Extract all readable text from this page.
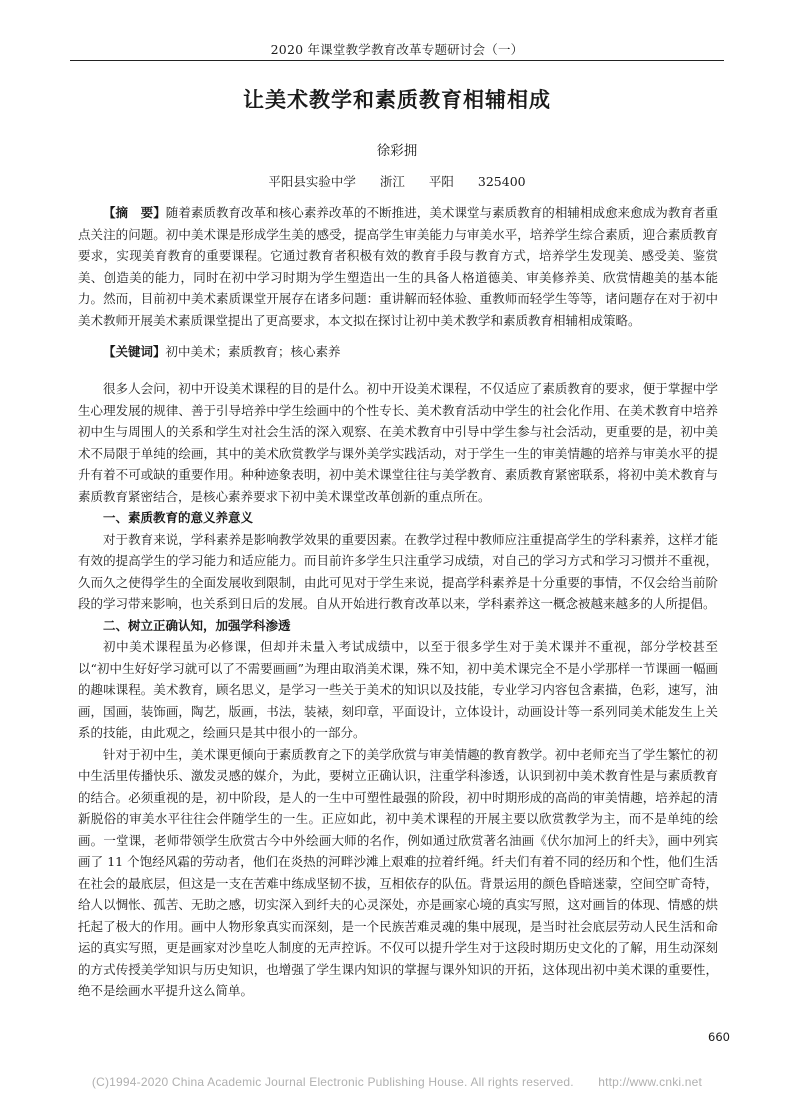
2020 年课堂教学教育改革专题研讨会（一）
让美术教学和素质教育相辅相成
徐彩拥
平阳县实验中学 浙江 平阳 325400

【摘　要】随着素质教育改革和核心素养改革的不断推进，美术课堂与素质教育的相辅相成愈来愈成为教育者重点关注的问题。初中美术课是形成学生美的感受，提高学生审美能力与审美水平，培养学生综合素质，迎合素质教育要求，实现美育教育的重要课程。它通过教育者积极有效的教育手段与教育方式，培养学生发现美、感受美、鉴赏美、创造美的能力，同时在初中学习时期为学生塑造出一生的具备人格道德美、审美修养美、欣赏情趣美的基本能力。然而，目前初中美术素质课堂开展存在诸多问题：重讲解而轻体验、重教师而轻学生等等，诸问题存在对于初中美术教师开展美术素质课堂提出了更高要求，本文拟在探讨让初中美术教学和素质教育相辅相成策略。

【关键词】初中美术；素质教育；核心素养

很多人会问，初中开设美术课程的目的是什么。初中开设美术课程，不仅适应了素质教育的要求，便于掌握中学生心理发展的规律、善于引导培养中学生绘画中的个性专长、美术教育活动中学生的社会化作用、在美术教育中培养初中生与周围人的关系和学生对社会生活的深入观察、在美术教育中引导中学生参与社会活动，更重要的是，初中美术不局限于单纯的绘画，其中的美术欣赏教学与课外美学实践活动，对于学生一生的审美情趣的培养与审美水平的提升有着不可或缺的重要作用。种种迹象表明，初中美术课堂往往与美学教育、素质教育紧密联系，将初中美术教育与素质教育紧密结合，是核心素养要求下初中美术课堂改革创新的重点所在。

一、素质教育的意义养意义

对于教育来说，学科素养是影响教学效果的重要因素。在教学过程中教师应注重提高学生的学科素养，这样才能有效的提高学生的学习能力和适应能力。而目前许多学生只注重学习成绩，对自己的学习方式和学习习惯并不重视，久而久之使得学生的全面发展收到限制，由此可见对于学生来说，提高学科素养是十分重要的事情，不仅会给当前阶段的学习带来影响，也关系到日后的发展。自从开始进行教育改革以来，学科素养这一概念被越来越多的人所提倡。

二、树立正确认知，加强学科渗透

初中美术课程虽为必修课，但却并未量入考试成绩中，以至于很多学生对于美术课并不重视，部分学校甚至以“初中生好好学习就可以了不需要画画”为理由取消美术课，殊不知，初中美术课完全不是小学那样一节课画一幅画的趣味课程。美术教育，顾名思义，是学习一些关于美术的知识以及技能，专业学习内容包含素描，色彩，速写，油画，国画，装饰画，陶艺，版画，书法，装裱，刻印章，平面设计，立体设计，动画设计等一系列同美术能发生上关系的技能，由此观之，绘画只是其中很小的一部分。

针对于初中生，美术课更倾向于素质教育之下的美学欣赏与审美情趣的教育教学。初中老师充当了学生繁忙的初中生活里传播快乐、激发灵感的媒介，为此，要树立正确认识，注重学科渗透，认识到初中美术教育性是与素质教育的结合。必须重视的是，初中阶段，是人的一生中可塑性最强的阶段，初中时期形成的高尚的审美情趣，培养起的清新脱俗的审美水平往往会伴随学生的一生。正应如此，初中美术课程的开展主要以欣赏教学为主，而不是单纯的绘画。一堂课，老师带领学生欣赏古今中外绘画大师的名作，例如通过欣赏著名油画《伏尔加河上的纤夫》，画中列宾画了 11 个饱经风霜的劳动者，他们在炎热的河畔沙滩上艰难的拉着纤绳。纤夫们有着不同的经历和个性，他们生活在社会的最底层，但这是一支在苦难中练成坚韧不拔，互相依存的队伍。背景运用的颜色昏暗迷蒙，空间空旷奇特，给人以惆怅、孤苦、无助之感，切实深入到纤夫的心灵深处，亦是画家心境的真实写照，这对画旨的体现、情感的烘托起了极大的作用。画中人物形象真实而深刻，是一个民族苦难灵魂的集中展现，是当时社会底层劳动人民生活和命运的真实写照，更是画家对沙皇吃人制度的无声控诉。不仅可以提升学生对于这段时期历史文化的了解，用生动深刻的方式传授美学知识与历史知识，也增强了学生课内知识的掌握与课外知识的开拓，这体现出初中美术课的重要性，绝不是绘画水平提升这么简单。

660
(C)1994-2020 China Academic Journal Electronic Publishing House. All rights reserved.　　http://www.cnki.net
